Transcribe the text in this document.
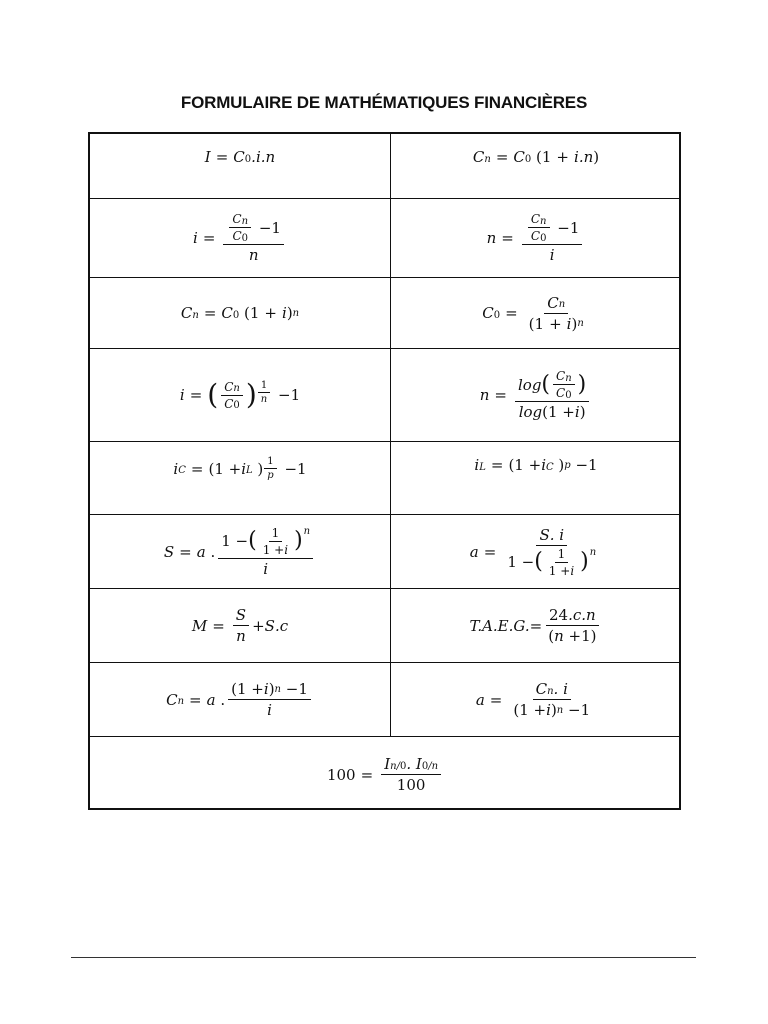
FORMULAIRE DE MATHÉMATIQUES FINANCIÈRES
$I = C_0$ . i . n	$C_n = C_0$ ( 1 + i . n )
$i = \frac{\frac{C_n}{C_0} - 1}{n}$	$n = \frac{\frac{C_n}{C_0} - 1}{i}$
$C_n = C_0$ ( 1 + i ) n	$C_0 = \frac{C_n}{( 1 + i ) n}$
i = ( $\frac{C_n}{C_0}$ ) $\frac{1}{n} - 1$	$n = \frac{\log ( \frac{C_n}{C_0} )}{\log ( 1 + i )}$
$i_C$ = ( $1 + i_L$ ) $\frac{1}{p} - 1$	$i_L$ = ( $1 + i_C$ ) p − 1
S = a . $\frac{1 - ( \frac{1}{1 + i} ) n}{i}$	$a = \frac{S . i}{1 - ( \frac{1}{1 + i} ) n}$
$M = \frac{S}{n} + S$ . c	T.A.E.G. = $\frac{24 . c . n}{( n + 1 )}$
$C_n = a$ . $\frac{( 1 + i ) n - 1}{i}$	$a = \frac{C_n . i}{( 1 + i ) n - 1}$
$100 = \frac{I _{n/0} . I _{0/n}}{100}$
